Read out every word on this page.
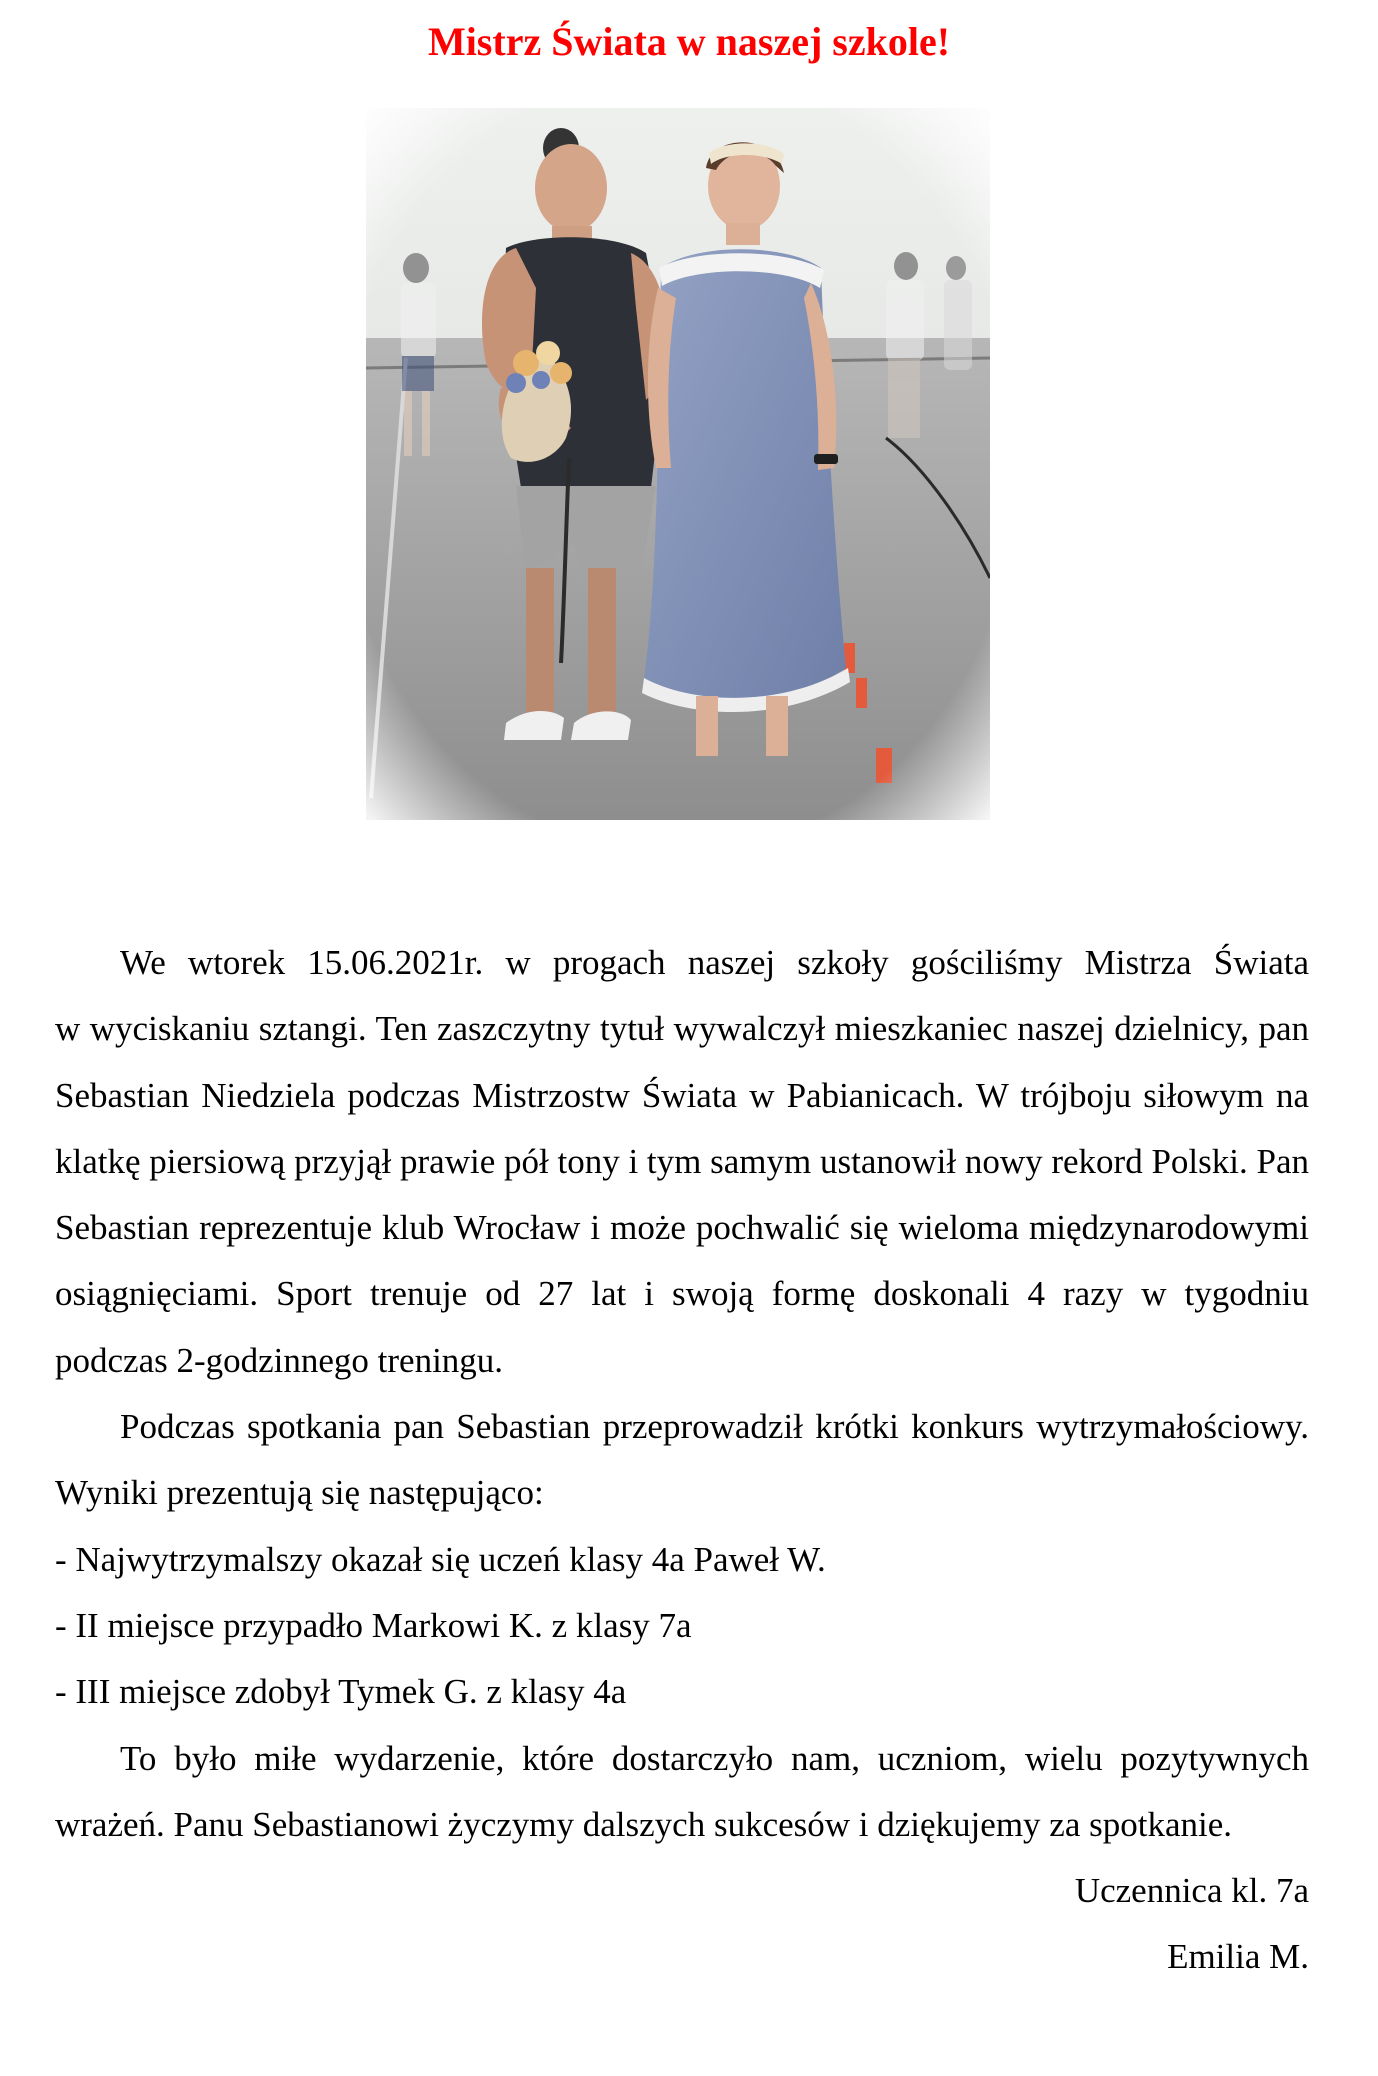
Mistrz Świata w naszej szkole!

We wtorek 15.06.2021r. w progach naszej szkoły gościliśmy Mistrza Świata

w wyciskaniu sztangi. Ten zaszczytny tytuł wywalczył mieszkaniec naszej dzielnicy, pan Sebastian Niedziela podczas Mistrzostw Świata w Pabianicach. W trójboju siłowym na klatkę piersiową przyjął prawie pół tony i tym samym ustanowił nowy rekord Polski. Pan Sebastian reprezentuje klub Wrocław i może pochwalić się wieloma międzynarodowymi osiągnięciami. Sport trenuje od 27 lat i swoją formę doskonali 4 razy w tygodniu podczas 2-godzinnego treningu.

Podczas spotkania pan Sebastian przeprowadził krótki konkurs wytrzymałościowy. Wyniki prezentują się następująco:

- Najwytrzymalszy okazał się uczeń klasy 4a Paweł W.

- II miejsce przypadło Markowi K. z klasy 7a

- III miejsce zdobył Tymek G. z klasy 4a

To było miłe wydarzenie, które dostarczyło nam, uczniom, wielu pozytywnych wrażeń. Panu Sebastianowi życzymy dalszych sukcesów i dziękujemy za spotkanie.

Uczennica kl. 7a

Emilia M.
